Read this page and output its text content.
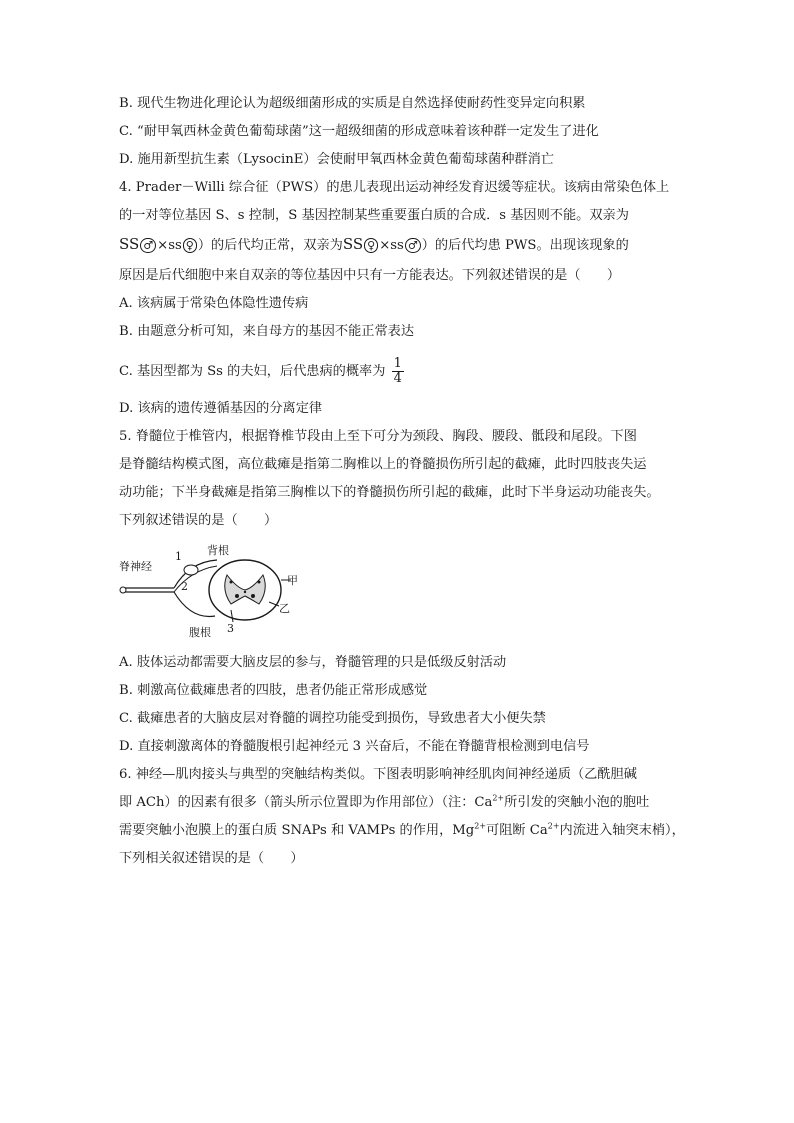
B. 现代生物进化理论认为超级细菌形成的实质是自然选择使耐药性变异定向积累
C. “耐甲氧西林金黄色葡萄球菌”这一超级细菌的形成意味着该种群一定发生了进化
D. 施用新型抗生素（LysocinE）会使耐甲氧西林金黄色葡萄球菌种群消亡
4. Prader－Willi 综合征（PWS）的患儿表现出运动神经发育迟缓等症状。该病由常染色体上
的一对等位基因 S、s 控制，S 基因控制某些重要蛋白质的合成．s 基因则不能。双亲为
SS ♂ ×ss ♀ ）的后代均正常，双亲为SS ♀ ×ss ♂ ）的后代均患 PWS。出现该现象的
原因是后代细胞中来自双亲的等位基因中只有一方能表达。下列叙述错误的是（　　）
A. 该病属于常染色体隐性遗传病
B. 由题意分析可知，来自母方的基因不能正常表达
C. 基因型都为 Ss 的夫妇，后代患病的概率为 $\frac{1}{4}$
D. 该病的遗传遵循基因的分离定律
5. 脊髓位于椎管内，根据脊椎节段由上至下可分为颈段、胸段、腰段、骶段和尾段。下图
是脊髓结构模式图，高位截瘫是指第二胸椎以上的脊髓损伤所引起的截瘫，此时四肢丧失运
动功能；下半身截瘫是指第三胸椎以下的脊髓损伤所引起的截瘫，此时下半身运动功能丧失。
下列叙述错误的是（　　）
脊神经
背根
腹根
1
2
3
甲
乙
A. 肢体运动都需要大脑皮层的参与，脊髓管理的只是低级反射活动
B. 刺激高位截瘫患者的四肢，患者仍能正常形成感觉
C. 截瘫患者的大脑皮层对脊髓的调控功能受到损伤，导致患者大小便失禁
D. 直接刺激离体的脊髓腹根引起神经元 3 兴奋后，不能在脊髓背根检测到电信号
6. 神经—肌肉接头与典型的突触结构类似。下图表明影响神经肌肉间神经递质（乙酰胆碱
即 ACh）的因素有很多（箭头所示位置即为作用部位）（注：$Ca^{2+}$所引发的突触小泡的胞吐
需要突触小泡膜上的蛋白质 SNAPs 和 VAMPs 的作用，$Mg^{2+}$可阻断 $Ca^{2+}$内流进入轴突末梢），
下列相关叙述错误的是（　　）
